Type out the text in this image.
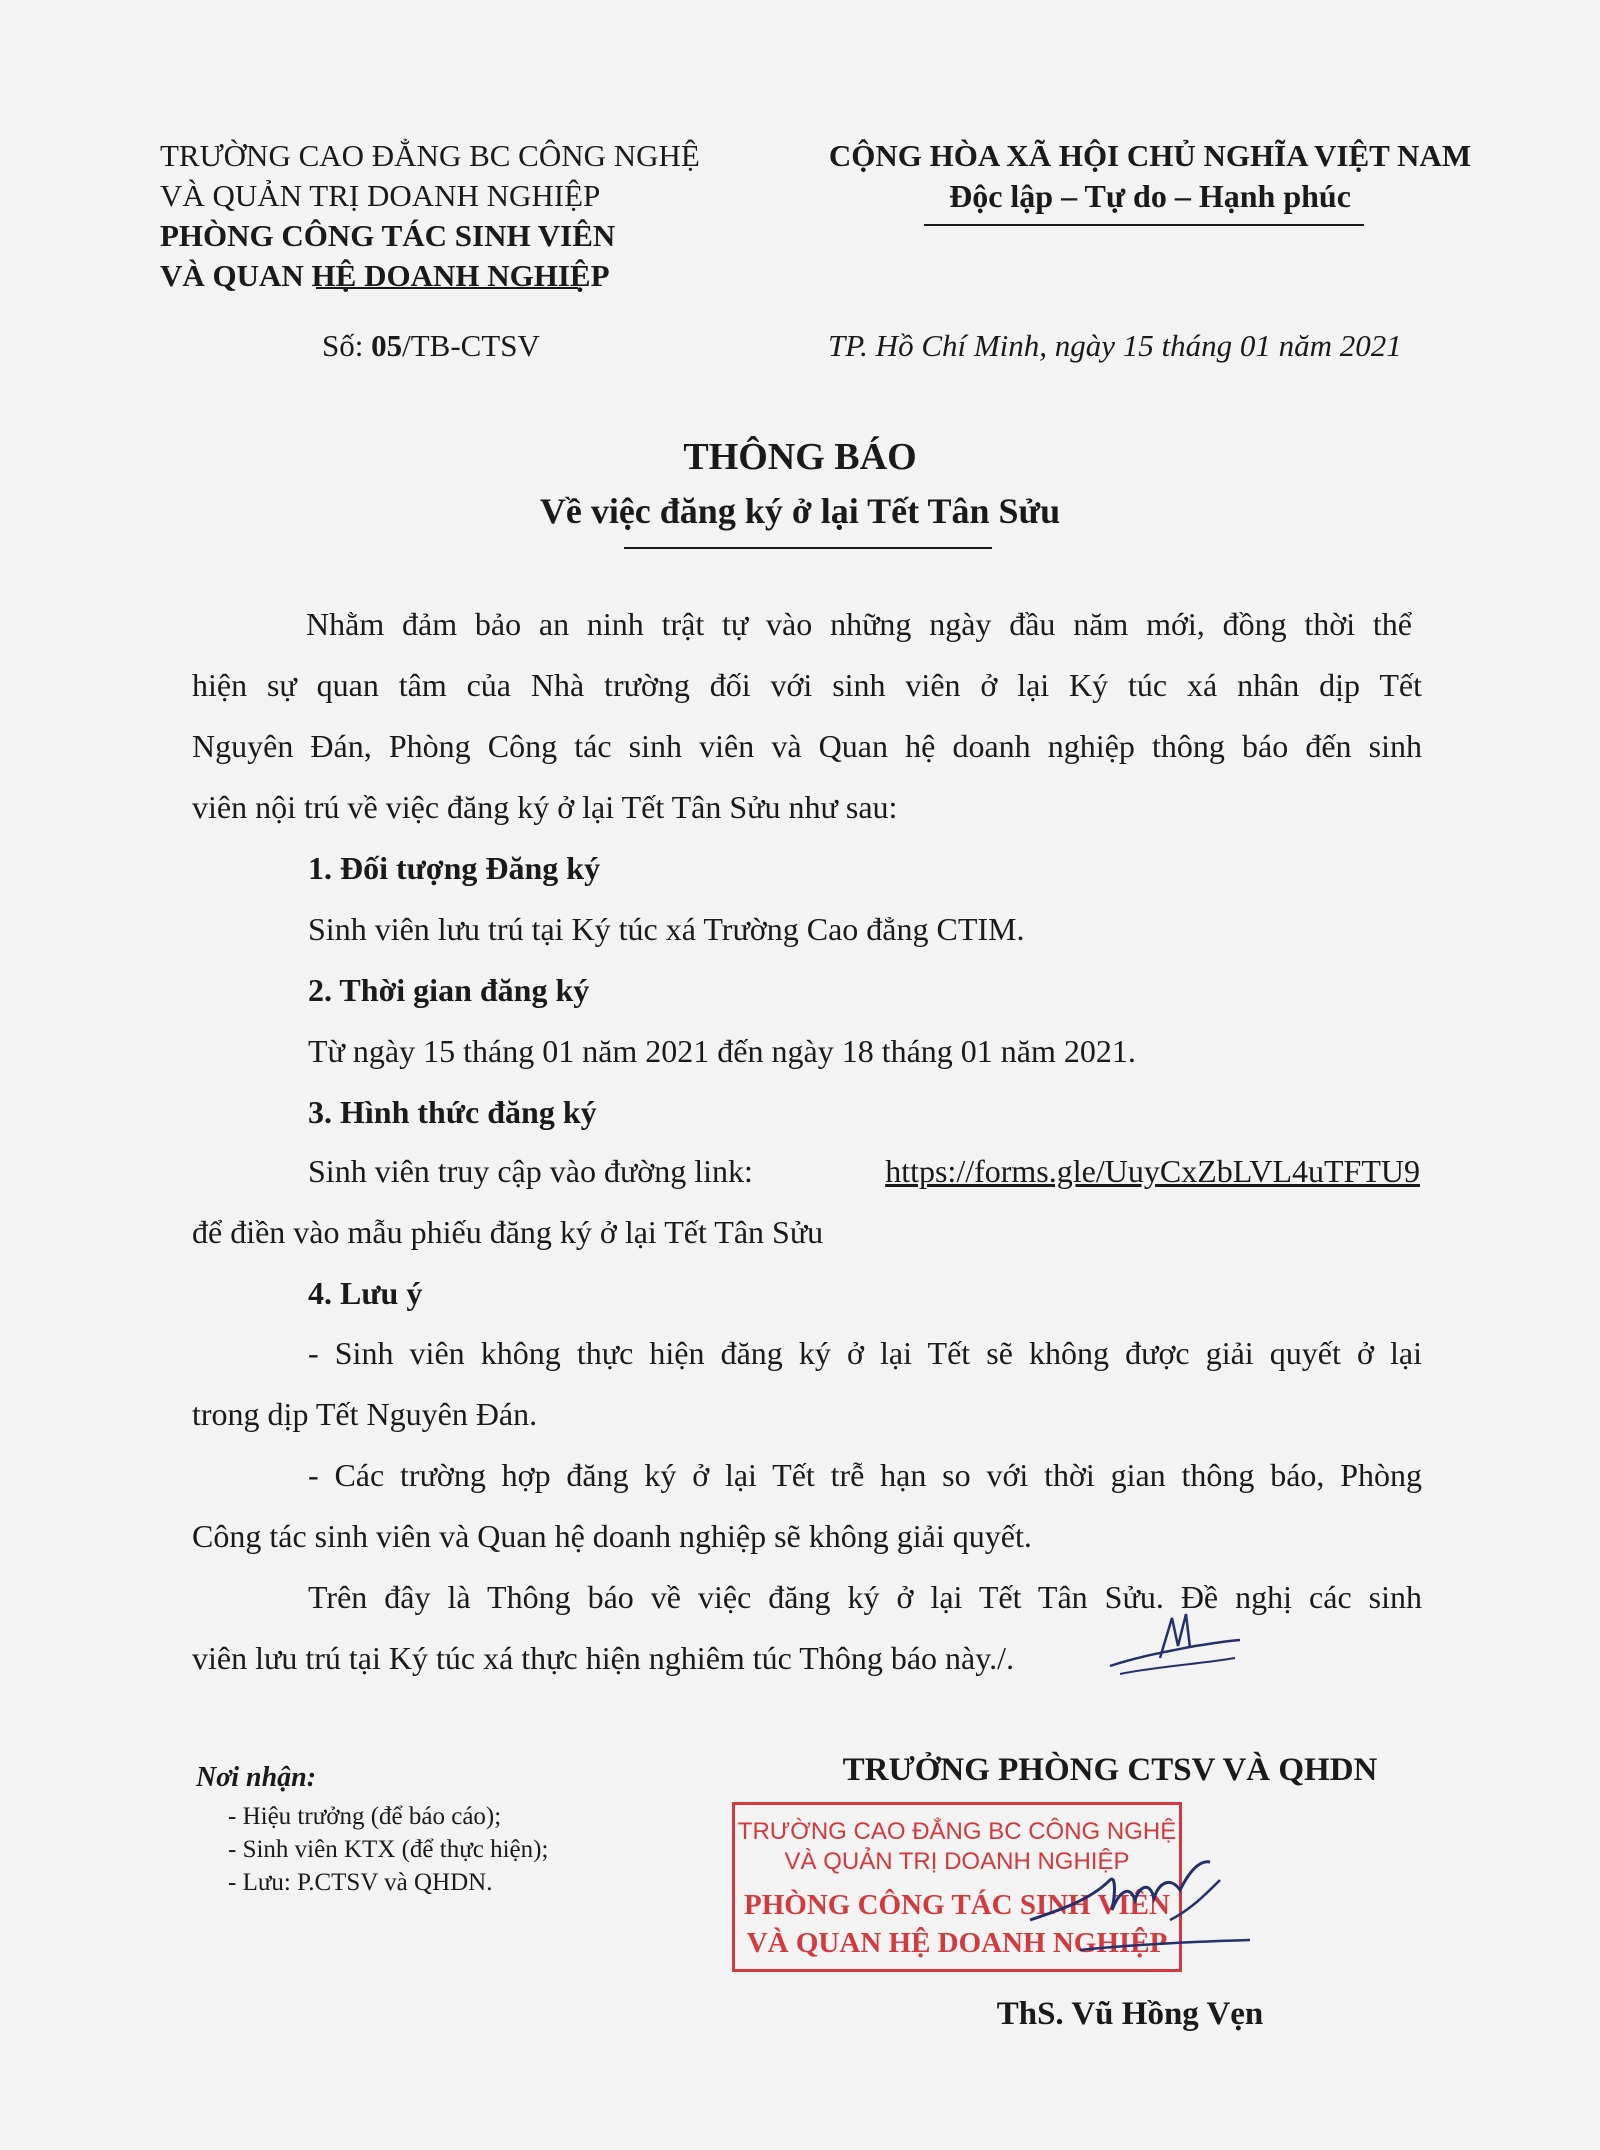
TRƯỜNG CAO ĐẲNG BC CÔNG NGHỆ
VÀ QUẢN TRỊ DOANH NGHIỆP
PHÒNG CÔNG TÁC SINH VIÊN
VÀ QUAN HỆ DOANH NGHIỆP
CỘNG HÒA XÃ HỘI CHỦ NGHĨA VIỆT NAM
Độc lập – Tự do – Hạnh phúc
Số: 05/TB-CTSV	TP. Hồ Chí Minh, ngày 15 tháng 01 năm 2021
THÔNG BÁO
Về việc đăng ký ở lại Tết Tân Sửu
Nhằm đảm bảo an ninh trật tự vào những ngày đầu năm mới, đồng thời thể
hiện sự quan tâm của Nhà trường đối với sinh viên ở lại Ký túc xá nhân dịp Tết
Nguyên Đán, Phòng Công tác sinh viên và Quan hệ doanh nghiệp thông báo đến sinh
viên nội trú về việc đăng ký ở lại Tết Tân Sửu như sau:
1. Đối tượng Đăng ký
Sinh viên lưu trú tại Ký túc xá Trường Cao đẳng CTIM.
2. Thời gian đăng ký
Từ ngày 15 tháng 01 năm 2021 đến ngày 18 tháng 01 năm 2021.
3. Hình thức đăng ký
Sinh viên truy cập vào đường link:	https://forms.gle/UuyCxZbLVL4uTFTU9
để điền vào mẫu phiếu đăng ký ở lại Tết Tân Sửu
4. Lưu ý
- Sinh viên không thực hiện đăng ký ở lại Tết sẽ không được giải quyết ở lại
trong dịp Tết Nguyên Đán.
- Các trường hợp đăng ký ở lại Tết trễ hạn so với thời gian thông báo, Phòng
Công tác sinh viên và Quan hệ doanh nghiệp sẽ không giải quyết.
Trên đây là Thông báo về việc đăng ký ở lại Tết Tân Sửu. Đề nghị các sinh
viên lưu trú tại Ký túc xá thực hiện nghiêm túc Thông báo này./.
Nơi nhận:
- Hiệu trưởng (để báo cáo);
- Sinh viên KTX (để thực hiện);
- Lưu: P.CTSV và QHDN.
TRƯỞNG PHÒNG CTSV VÀ QHDN
TRƯỜNG CAO ĐẲNG BC CÔNG NGHỆ
VÀ QUẢN TRỊ DOANH NGHIỆP
PHÒNG CÔNG TÁC SINH VIÊN
VÀ QUAN HỆ DOANH NGHIỆP
ThS. Vũ Hồng Vẹn
